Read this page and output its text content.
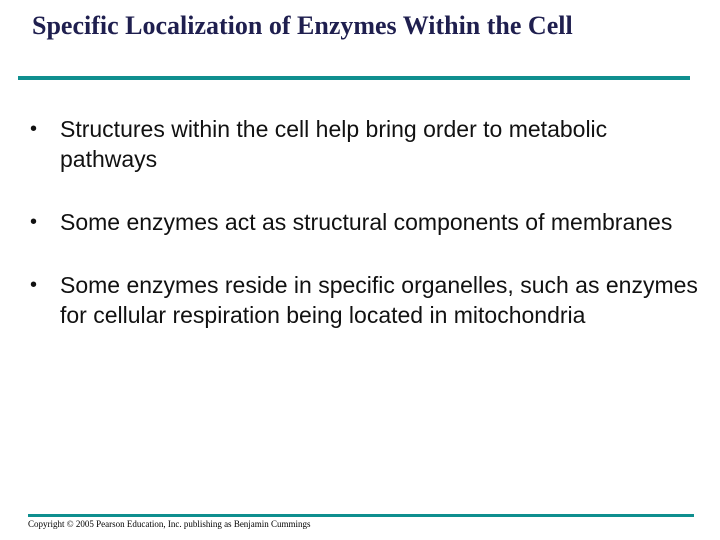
Specific Localization of Enzymes Within the Cell
• Structures within the cell help bring order to metabolic pathways
• Some enzymes act as structural components of membranes
• Some enzymes reside in specific organelles, such as enzymes for cellular respiration being located in mitochondria
Copyright © 2005 Pearson Education, Inc. publishing as Benjamin Cummings
